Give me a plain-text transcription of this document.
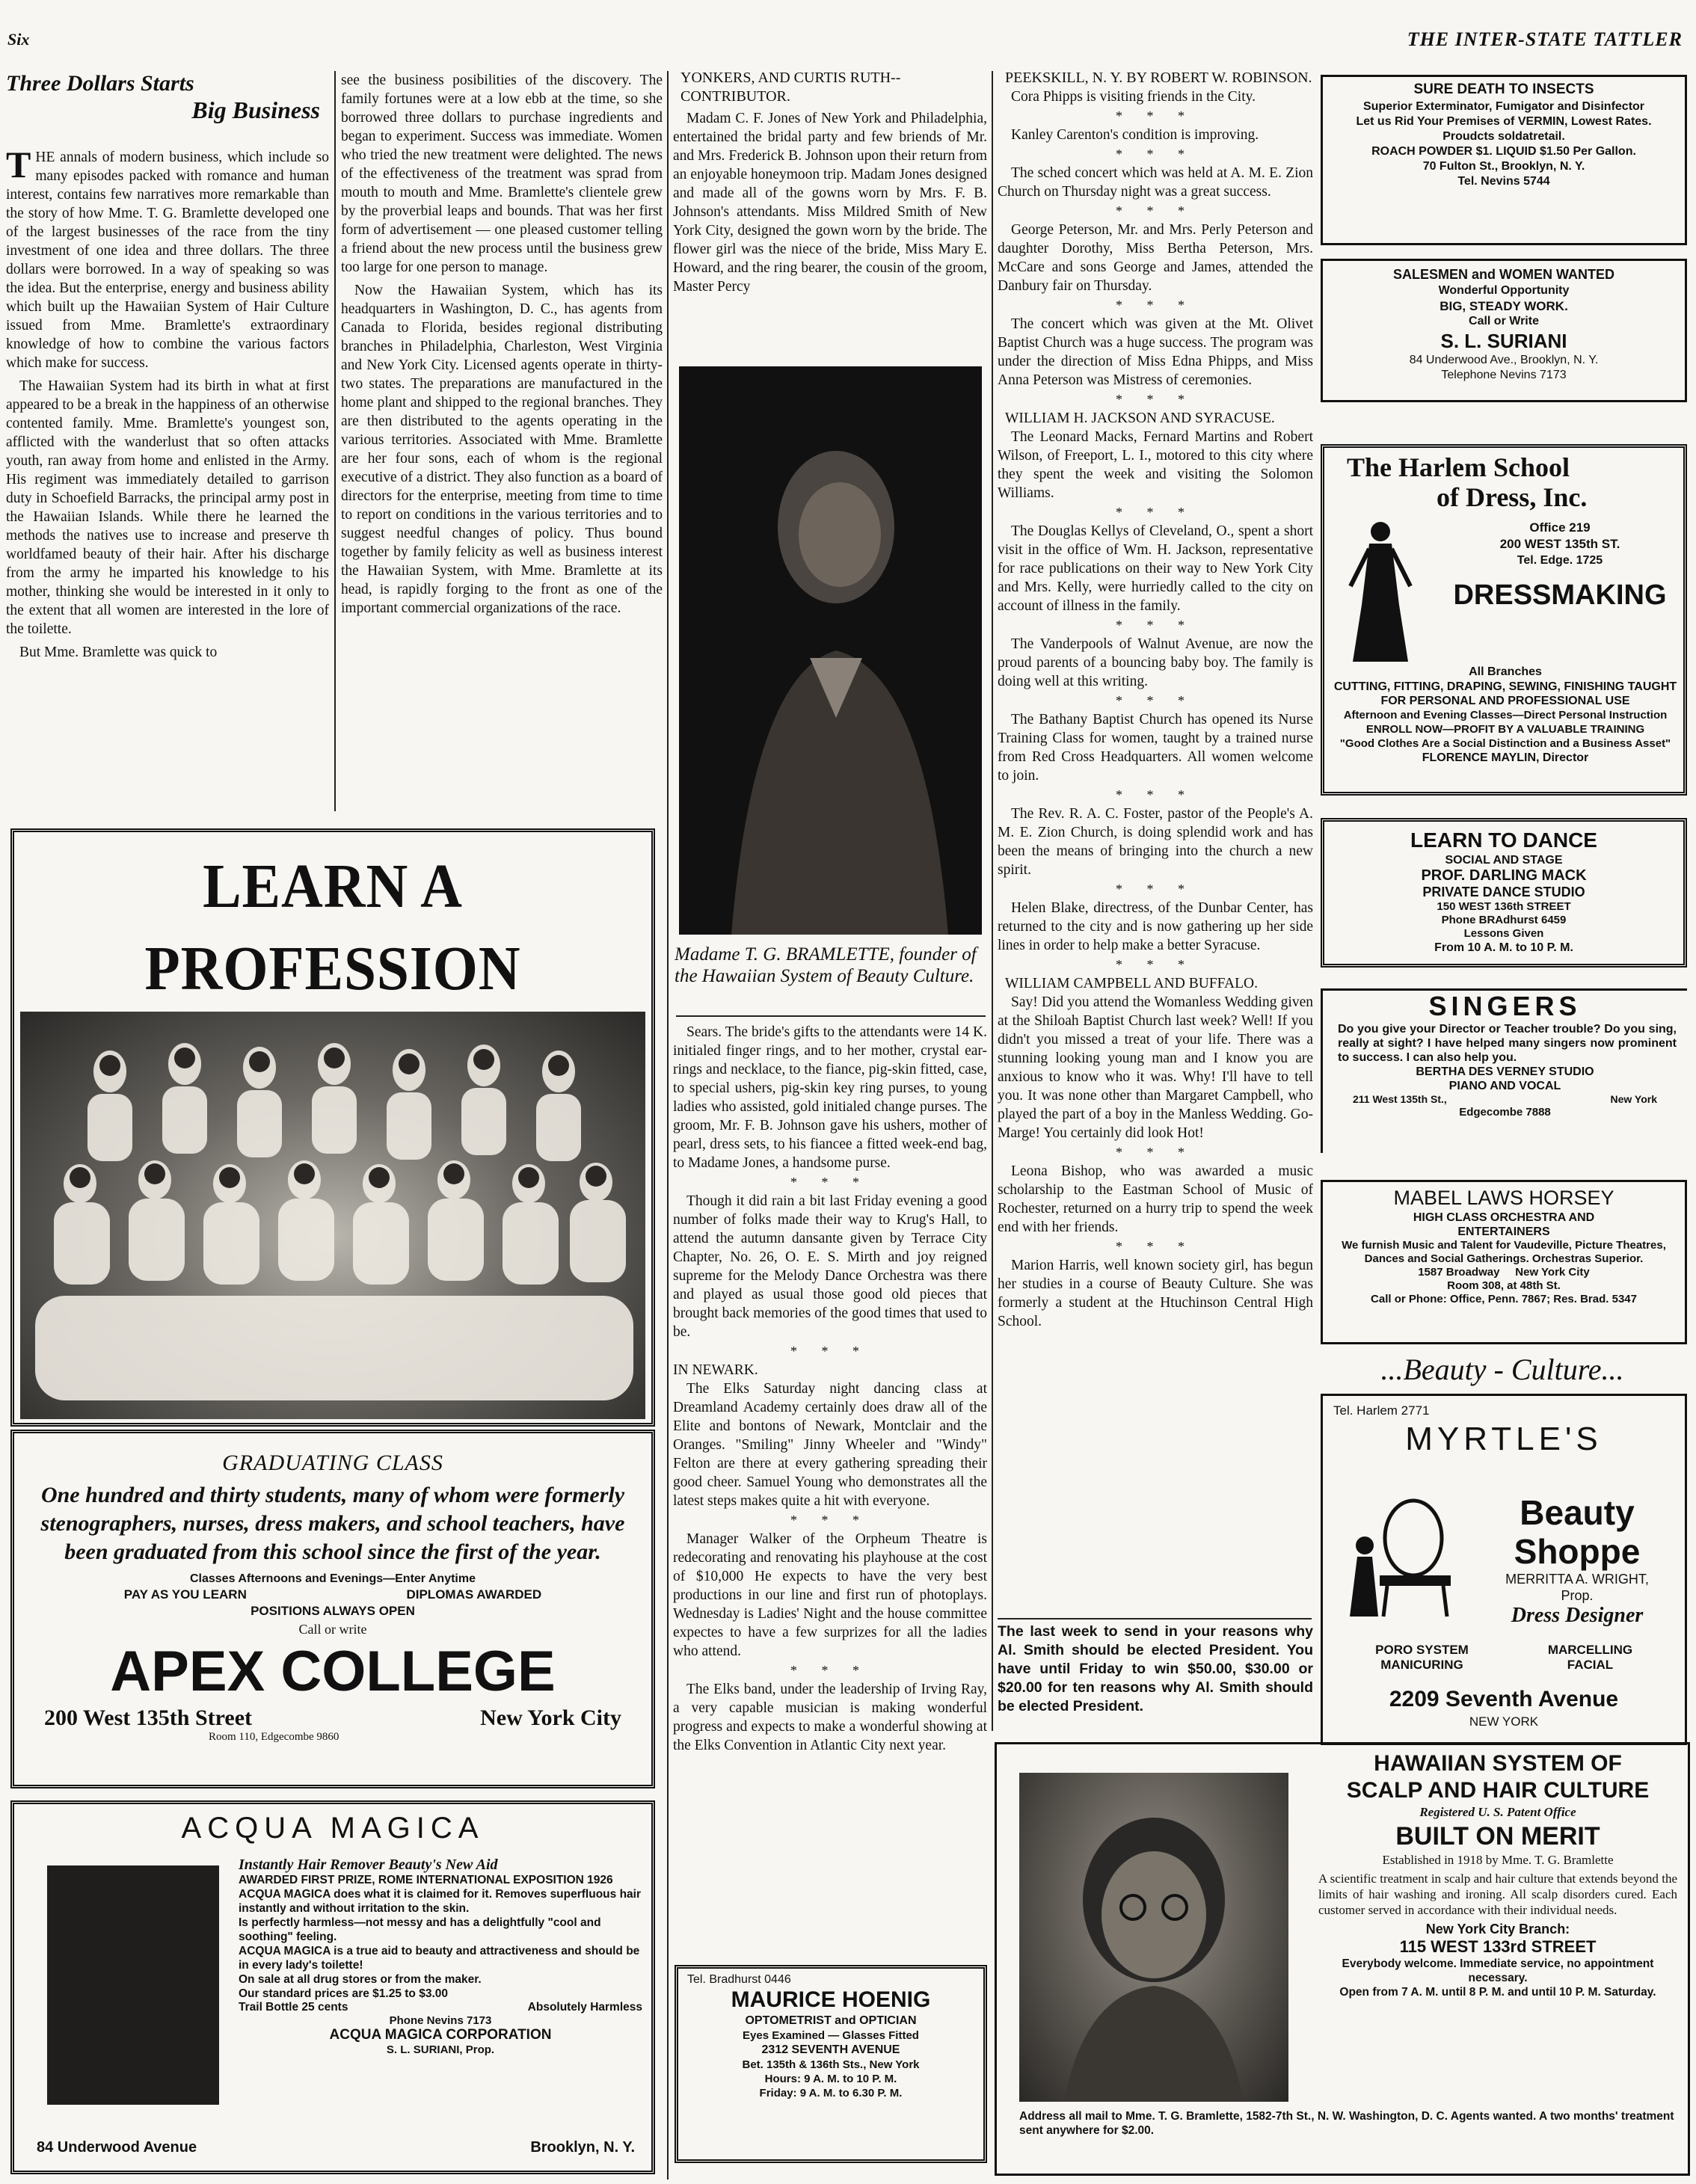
Six	THE INTER-STATE TATTLER
Three Dollars Starts
Big Business

THE annals of modern business, which include so many episodes packed with romance and human interest, contains few narratives more remarkable than the story of how Mme. T. G. Bramlette developed one of the largest businesses of the race from the tiny investment of one idea and three dollars. The three dollars were borrowed. In a way of speaking so was the idea. But the enterprise, energy and business ability which built up the Hawaiian System of Hair Culture issued from Mme. Bramlette's extraordinary knowledge of how to combine the various factors which make for success.

The Hawaiian System had its birth in what at first appeared to be a break in the happiness of an otherwise contented family. Mme. Bramlette's youngest son, afflicted with the wanderlust that so often attacks youth, ran away from home and enlisted in the Army. His regiment was immediately detailed to garrison duty in Schoefield Barracks, the principal army post in the Hawaiian Islands. While there he learned the methods the natives use to increase and preserve th worldfamed beauty of their hair. After his discharge from the army he imparted his knowledge to his mother, thinking she would be interested in it only to the extent that all women are interested in the lore of the toilette.
But Mme. Bramlette was quick to
see the business posibilities of the discovery. The family fortunes were at a low ebb at the time, so she borrowed three dollars to purchase ingredients and began to experiment. Success was immediate. Women who tried the new treatment were delighted. The news of the effectiveness of the treatment was sprad from mouth to mouth and Mme. Bramlette's clientele grew by the proverbial leaps and bounds. That was her first form of advertisement — one pleased customer telling a friend about the new process until the business grew too large for one person to manage.
Now the Hawaiian System, which has its headquarters in Washington, D. C., has agents from Canada to Florida, besides regional distributing branches in Philadelphia, Charleston, West Virginia and New York City. Licensed agents operate in thirty-two states. The preparations are manufactured in the home plant and shipped to the regional branches. They are then distributed to the agents operating in the various territories. Associated with Mme. Bramlette are her four sons, each of whom is the regional executive of a district. They also function as a board of directors for the enterprise, meeting from time to time to report on conditions in the various territories and to suggest needful changes of policy. Thus bound together by family felicity as well as business interest the Hawaiian System, with Mme. Bramlette at its head, is rapidly forging to the front as one of the important commercial organizations of the race.
LEARN A PROFESSION
GRADUATING CLASS
One hundred and thirty students, many of whom were formerly stenographers, nurses, dress makers, and school teachers, have been graduated from this school since the first of the year.
Classes Afternoons and Evenings—Enter Anytime
PAY AS YOU LEARN	DIPLOMAS AWARDED
POSITIONS ALWAYS OPEN
Call or write
APEX COLLEGE
200 West 135th Street	New York City
Room 110, Edgecombe 9860
ACQUA MAGICA
Instantly Hair Remover Beauty's New Aid
AWARDED FIRST PRIZE, ROME INTERNATIONAL EXPOSITION 1926 ACQUA MAGICA does what it is claimed for it. Removes superfluous hair instantly and without irritation to the skin.
Is perfectly harmless—not messy and has a delightfully "cool and soothing" feeling.
ACQUA MAGICA is a true aid to beauty and attractiveness and should be in every lady's toilette!
On sale at all drug stores or from the maker.
Our standard prices are $1.25 to $3.00
Trail Bottle 25 cents	Absolutely Harmless
Phone Nevins 7173
ACQUA MAGICA CORPORATION
S. L. SURIANI, Prop.
84 Underwood Avenue	Brooklyn, N. Y.
YONKERS, AND CURTIS RUTH--CONTRIBUTOR.
Madam C. F. Jones of New York and Philadelphia, entertained the bridal party and few briends of Mr. and Mrs. Frederick B. Johnson upon their return from an enjoyable honeymoon trip. Madam Jones designed and made all of the gowns worn by Mrs. F. B. Johnson's attendants. Miss Mildred Smith of New York City, designed the gown worn by the bride. The flower girl was the niece of the bride, Miss Mary E. Howard, and the ring bearer, the cousin of the groom, Master Percy
Madame T. G. BRAMLETTE, founder of the Hawaiian System of Beauty Culture.
Sears. The bride's gifts to the attendants were 14 K. initialed finger rings, and to her mother, crystal ear-rings and necklace, to the fiance, pig-skin fitted, case, to special ushers, pig-skin key ring purses, to young ladies who assisted, gold initialed change purses. The groom, Mr. F. B. Johnson gave his ushers, mother of pearl, dress sets, to his fiancee a fitted week-end bag, to Madame Jones, a handsome purse.
* * *
Though it did rain a bit last Friday evening a good number of folks made their way to Krug's Hall, to attend the autumn dansante given by Terrace City Chapter, No. 26, O. E. S. Mirth and joy reigned supreme for the Melody Dance Orchestra was there and played as usual those good old pieces that brought back memories of the good times that used to be.
* * *
IN NEWARK.
The Elks Saturday night dancing class at Dreamland Academy certainly does draw all of the Elite and bontons of Newark, Montclair and the Oranges. "Smiling" Jinny Wheeler and "Windy" Felton are there at every gathering spreading their good cheer. Samuel Young who demonstrates all the latest steps makes quite a hit with everyone.
* * *
Manager Walker of the Orpheum Theatre is redecorating and renovating his playhouse at the cost of $10,000 He expects to have the very best productions in our line and first run of photoplays. Wednesday is Ladies' Night and the house committee expectes to have a few surprizes for all the ladies who attend.
* * *
The Elks band, under the leadership of Irving Ray, a very capable musician is making wonderful progress and expects to make a wonderful showing at the Elks Convention in Atlantic City next year.
Tel. Bradhurst 0446
MAURICE HOENIG
OPTOMETRIST and OPTICIAN
Eyes Examined — Glasses Fitted
2312 SEVENTH AVENUE
Bet. 135th & 136th Sts., New York
Hours: 9 A. M. to 10 P. M.
Friday: 9 A. M. to 6.30 P. M.
PEEKSKILL, N. Y. BY ROBERT W. ROBINSON.
Cora Phipps is visiting friends in the City.
* * *
Kanley Carenton's condition is improving.
* * *
The sched concert which was held at A. M. E. Zion Church on Thursday night was a great success.
* * *
George Peterson, Mr. and Mrs. Perly Peterson and daughter Dorothy, Miss Bertha Peterson, Mrs. McCare and sons George and James, attended the Danbury fair on Thursday.
* * *
The concert which was given at the Mt. Olivet Baptist Church was a huge success. The program was under the direction of Miss Edna Phipps, and Miss Anna Peterson was Mistress of ceremonies.
* * *
WILLIAM H. JACKSON AND SYRACUSE.
The Leonard Macks, Fernard Martins and Robert Wilson, of Freeport, L. I., motored to this city where they spent the week and visiting the Solomon Williams.
* * *
The Douglas Kellys of Cleveland, O., spent a short visit in the office of Wm. H. Jackson, representative for race publications on their way to New York City and Mrs. Kelly, were hurriedly called to the city on account of illness in the family.
* * *
The Vanderpools of Walnut Avenue, are now the proud parents of a bouncing baby boy. The family is doing well at this writing.
* * *
The Bathany Baptist Church has opened its Nurse Training Class for women, taught by a trained nurse from Red Cross Headquarters. All women welcome to join.
* * *
The Rev. R. A. C. Foster, pastor of the People's A. M. E. Zion Church, is doing splendid work and has been the means of bringing into the church a new spirit.
* * *
Helen Blake, directress, of the Dunbar Center, has returned to the city and is now gathering up her side lines in order to help make a better Syracuse.
* * *
WILLIAM CAMPBELL AND BUFFALO.
Say! Did you attend the Womanless Wedding given at the Shiloah Baptist Church last week? Well! If you didn't you missed a treat of your life. There was a stunning looking young man and I know you are anxious to know who it was. Why! I'll have to tell you. It was none other than Margaret Campbell, who played the part of a boy in the Manless Wedding. Go-Marge! You certainly did look Hot!
* * *
Leona Bishop, who was awarded a music scholarship to the Eastman School of Music of Rochester, returned on a hurry trip to spend the week end with her friends.
* * *
Marion Harris, well known society girl, has begun her studies in a course of Beauty Culture. She was formerly a student at the Htuchinson Central High School.
The last week to send in your reasons why Al. Smith should be elected President. You have until Friday to win $50.00, $30.00 or $20.00 for ten reasons why Al. Smith should be elected President.
SURE DEATH TO INSECTS
Superior Exterminator, Fumigator and Disinfector
Let us Rid Your Premises of VERMIN, Lowest Rates.
Proudcts soldatretail.
ROACH POWDER $1. LIQUID $1.50 Per Gallon.
70 Fulton St., Brooklyn, N. Y.
Tel. Nevins 5744
SALESMEN and WOMEN WANTED
Wonderful Opportunity
BIG, STEADY WORK.
Call or Write
S. L. SURIANI
84 Underwood Ave., Brooklyn, N. Y.
Telephone Nevins 7173
The Harlem School
of Dress, Inc.
Office 219
200 WEST 135th ST.
Tel. Edge. 1725
DRESSMAKING
All Branches
CUTTING, FITTING, DRAPING, SEWING, FINISHING TAUGHT FOR PERSONAL AND PROFESSIONAL USE
Afternoon and Evening Classes—Direct Personal Instruction
ENROLL NOW—PROFIT BY A VALUABLE TRAINING
"Good Clothes Are a Social Distinction and a Business Asset"
FLORENCE MAYLIN, Director
LEARN TO DANCE
SOCIAL AND STAGE
PROF. DARLING MACK
PRIVATE DANCE STUDIO
150 WEST 136th STREET
Phone BRAdhurst 6459
Lessons Given
From 10 A. M. to 10 P. M.
SINGERS
Do you give your Director or Teacher trouble? Do you sing, really at sight? I have helped many singers now prominent to success. I can also help you.
BERTHA DES VERNEY STUDIO
PIANO AND VOCAL
211 West 135th St.,	New York
Edgecombe 7888
MABEL LAWS HORSEY
HIGH CLASS ORCHESTRA AND ENTERTAINERS
We furnish Music and Talent for Vaudeville, Picture Theatres, Dances and Social Gatherings. Orchestras Superior.
1587 Broadway     New York City
Room 308, at 48th St.
Call or Phone: Office, Penn. 7867; Res. Brad. 5347
...Beauty - Culture...
Tel. Harlem 2771
MYRTLE'S
Beauty
Shoppe
MERRITTA A. WRIGHT, Prop.
Dress Designer
PORO SYSTEM	MARCELLING
MANICURING	FACIAL
2209 Seventh Avenue
NEW YORK
HAWAIIAN SYSTEM OF
SCALP AND HAIR CULTURE
Registered U. S. Patent Office
BUILT ON MERIT
Established in 1918 by Mme. T. G. Bramlette
A scientific treatment in scalp and hair culture that extends beyond the limits of hair washing and ironing. All scalp disorders cured. Each customer served in accordance with their individual needs.
New York City Branch:
115 WEST 133rd STREET
Everybody welcome. Immediate service, no appointment necessary.
Open from 7 A. M. until 8 P. M. and until 10 P. M. Saturday.
Address all mail to Mme. T. G. Bramlette, 1582-7th St., N. W. Washington, D. C. Agents wanted. A two months' treatment sent anywhere for $2.00.
